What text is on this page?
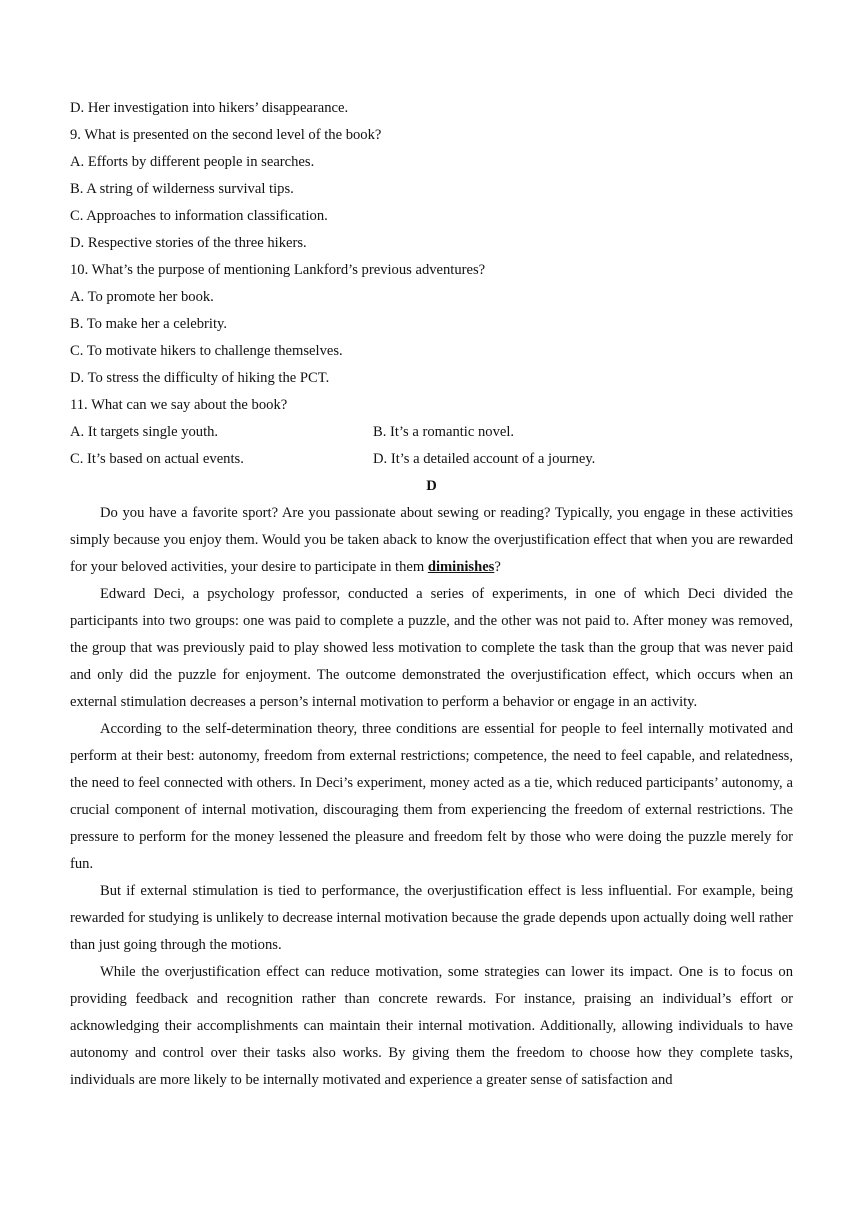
D. Her investigation into hikers’ disappearance.
9. What is presented on the second level of the book?
A. Efforts by different people in searches.
B. A string of wilderness survival tips.
C. Approaches to information classification.
D. Respective stories of the three hikers.
10. What’s the purpose of mentioning Lankford’s previous adventures?
A. To promote her book.
B. To make her a celebrity.
C. To motivate hikers to challenge themselves.
D. To stress the difficulty of hiking the PCT.
11. What can we say about the book?
A. It targets single youth.	B. It’s a romantic novel.
C. It’s based on actual events.	D. It’s a detailed account of a journey.
D

Do you have a favorite sport? Are you passionate about sewing or reading? Typically, you engage in these activities simply because you enjoy them. Would you be taken aback to know the overjustification effect that when you are rewarded for your beloved activities, your desire to participate in them diminishes?

Edward Deci, a psychology professor, conducted a series of experiments, in one of which Deci divided the participants into two groups: one was paid to complete a puzzle, and the other was not paid to. After money was removed, the group that was previously paid to play showed less motivation to complete the task than the group that was never paid and only did the puzzle for enjoyment. The outcome demonstrated the overjustification effect, which occurs when an external stimulation decreases a person’s internal motivation to perform a behavior or engage in an activity.

According to the self-determination theory, three conditions are essential for people to feel internally motivated and perform at their best: autonomy, freedom from external restrictions; competence, the need to feel capable, and relatedness, the need to feel connected with others. In Deci’s experiment, money acted as a tie, which reduced participants’ autonomy, a crucial component of internal motivation, discouraging them from experiencing the freedom of external restrictions. The pressure to perform for the money lessened the pleasure and freedom felt by those who were doing the puzzle merely for fun.

But if external stimulation is tied to performance, the overjustification effect is less influential. For example, being rewarded for studying is unlikely to decrease internal motivation because the grade depends upon actually doing well rather than just going through the motions.

While the overjustification effect can reduce motivation, some strategies can lower its impact. One is to focus on providing feedback and recognition rather than concrete rewards. For instance, praising an individual’s effort or acknowledging their accomplishments can maintain their internal motivation. Additionally, allowing individuals to have autonomy and control over their tasks also works. By giving them the freedom to choose how they complete tasks, individuals are more likely to be internally motivated and experience a greater sense of satisfaction and
